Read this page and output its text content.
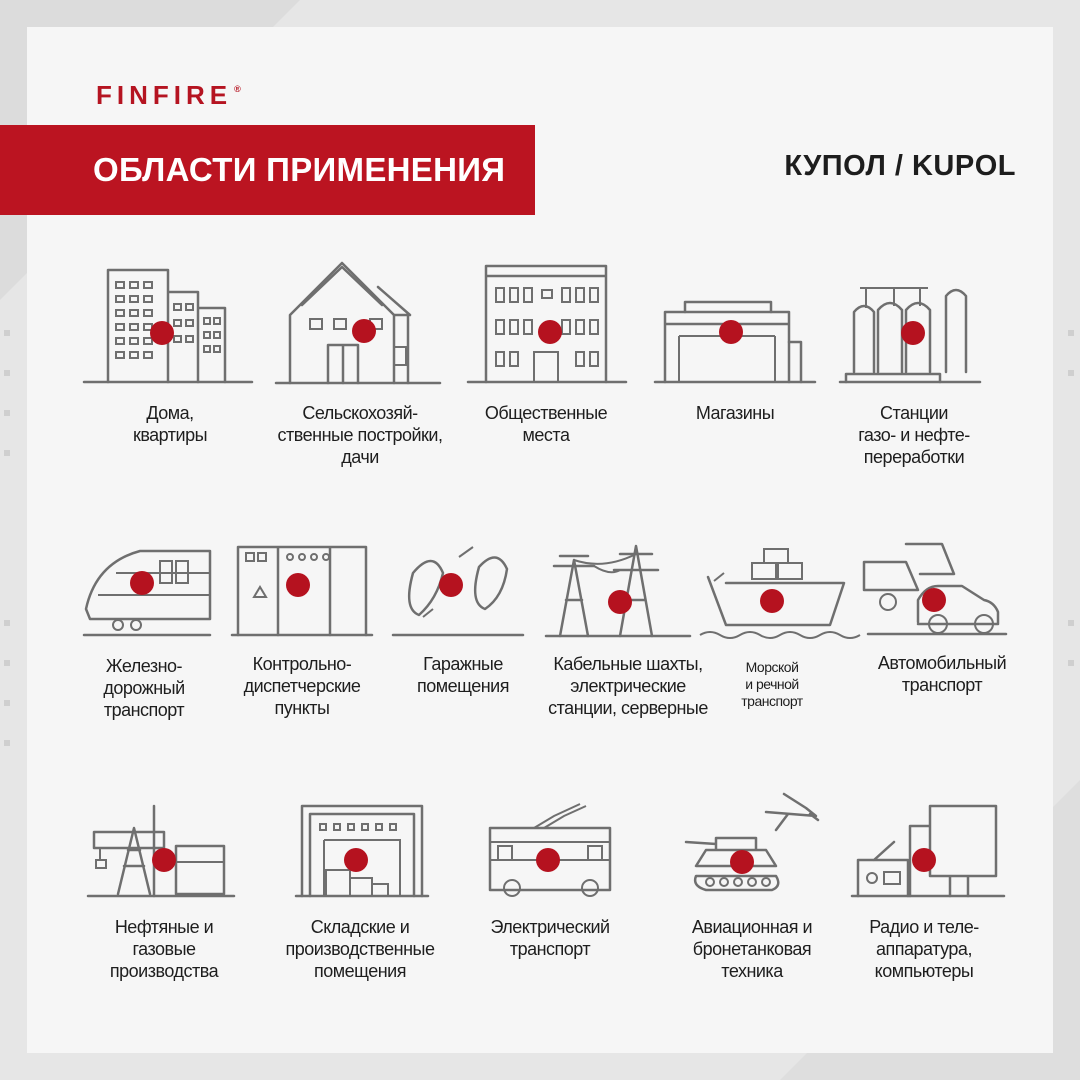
FINFIRE ®
ОБЛАСТИ ПРИМЕНЕНИЯ	КУПОЛ / KUPOL
Дома,
квартиры
Сельскохозяй-
ственные постройки,
дачи
Общественные
места
Магазины	Станции
газо- и нефте-
переработки
Железно-
дорожный
транспорт
Контрольно-
диспетчерские
пункты
Гаражные
помещения
Кабельные шахты,
электрические
станции, серверные
Морской
и речной
транспорт
Автомобильный
транспорт
Нефтяные и
газовые
производства
Складские и
производственные
помещения
Электрический
транспорт
Авиационная и
бронетанковая
техника
Радио и теле-
аппаратура,
компьютеры
